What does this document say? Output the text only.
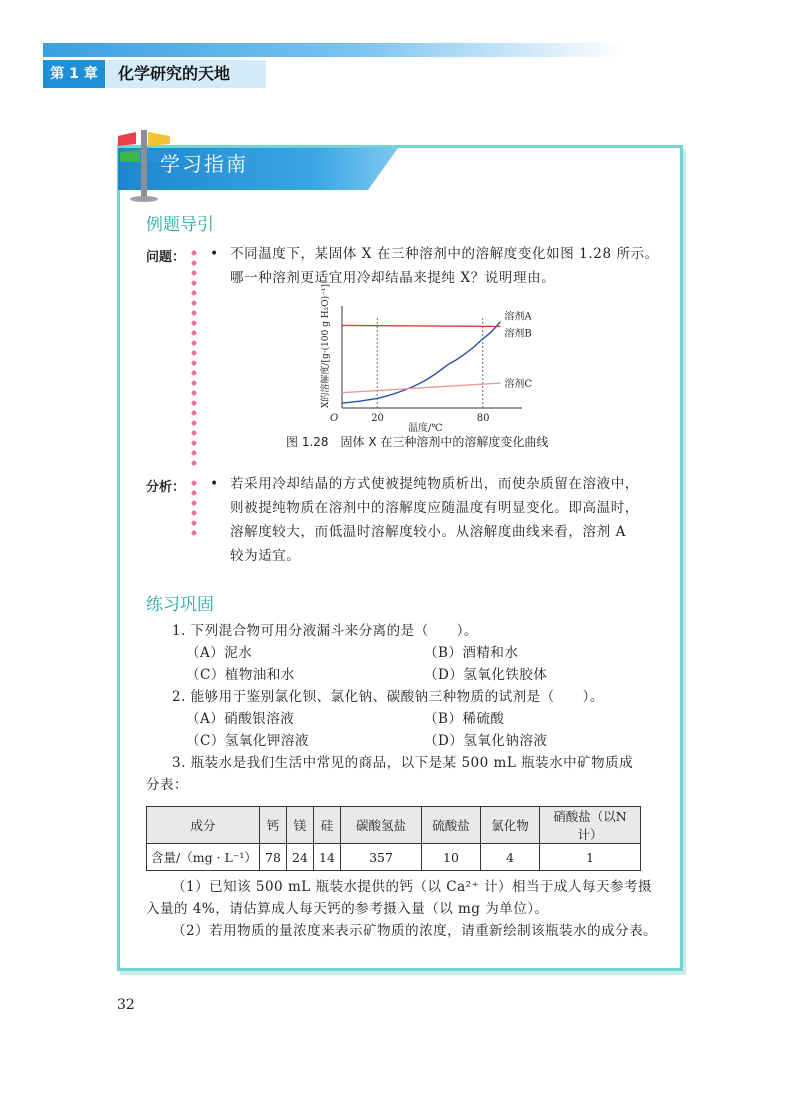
第 1 章	化学研究的天地
学习指南
例题导引
问题： • 不同温度下，某固体 X 在三种溶剂中的溶解度变化如图 1.28 所示。
哪一种溶剂更适宜用冷却结晶来提纯 X？说明理由。
溶剂A
溶剂B
溶剂C
20	80
O
温度/℃
X的溶解度/[g·(100 g H₂O)⁻¹]
图 1.28　固体 X 在三种溶剂中的溶解度变化曲线
分析： • 若采用冷却结晶的方式使被提纯物质析出，而使杂质留在溶液中，
则被提纯物质在溶剂中的溶解度应随温度有明显变化。即高温时，
溶解度较大，而低温时溶解度较小。从溶解度曲线来看，溶剂 A
较为适宜。
练习巩固
1. 下列混合物可用分液漏斗来分离的是（　　）。
（A）泥水	（B）酒精和水
（C）植物油和水	（D）氢氧化铁胶体
2. 能够用于鉴别氯化钡、氯化钠、碳酸钠三种物质的试剂是（　　）。
（A）硝酸银溶液	（B）稀硫酸
（C）氢氧化钾溶液	（D）氢氧化钠溶液
3. 瓶装水是我们生活中常见的商品，以下是某 500 mL 瓶装水中矿物质成
分表：
成分	钙	镁	硅	碳酸氢盐	硫酸盐	氯化物	硝酸盐（以N计）
含量/（mg · L⁻¹）	78	24	14	357	10	4	1
（1）已知该 500 mL 瓶装水提供的钙（以 Ca²⁺ 计）相当于成人每天参考摄
入量的 4%，请估算成人每天钙的参考摄入量（以 mg 为单位）。
（2）若用物质的量浓度来表示矿物质的浓度，请重新绘制该瓶装水的成分表。
32
